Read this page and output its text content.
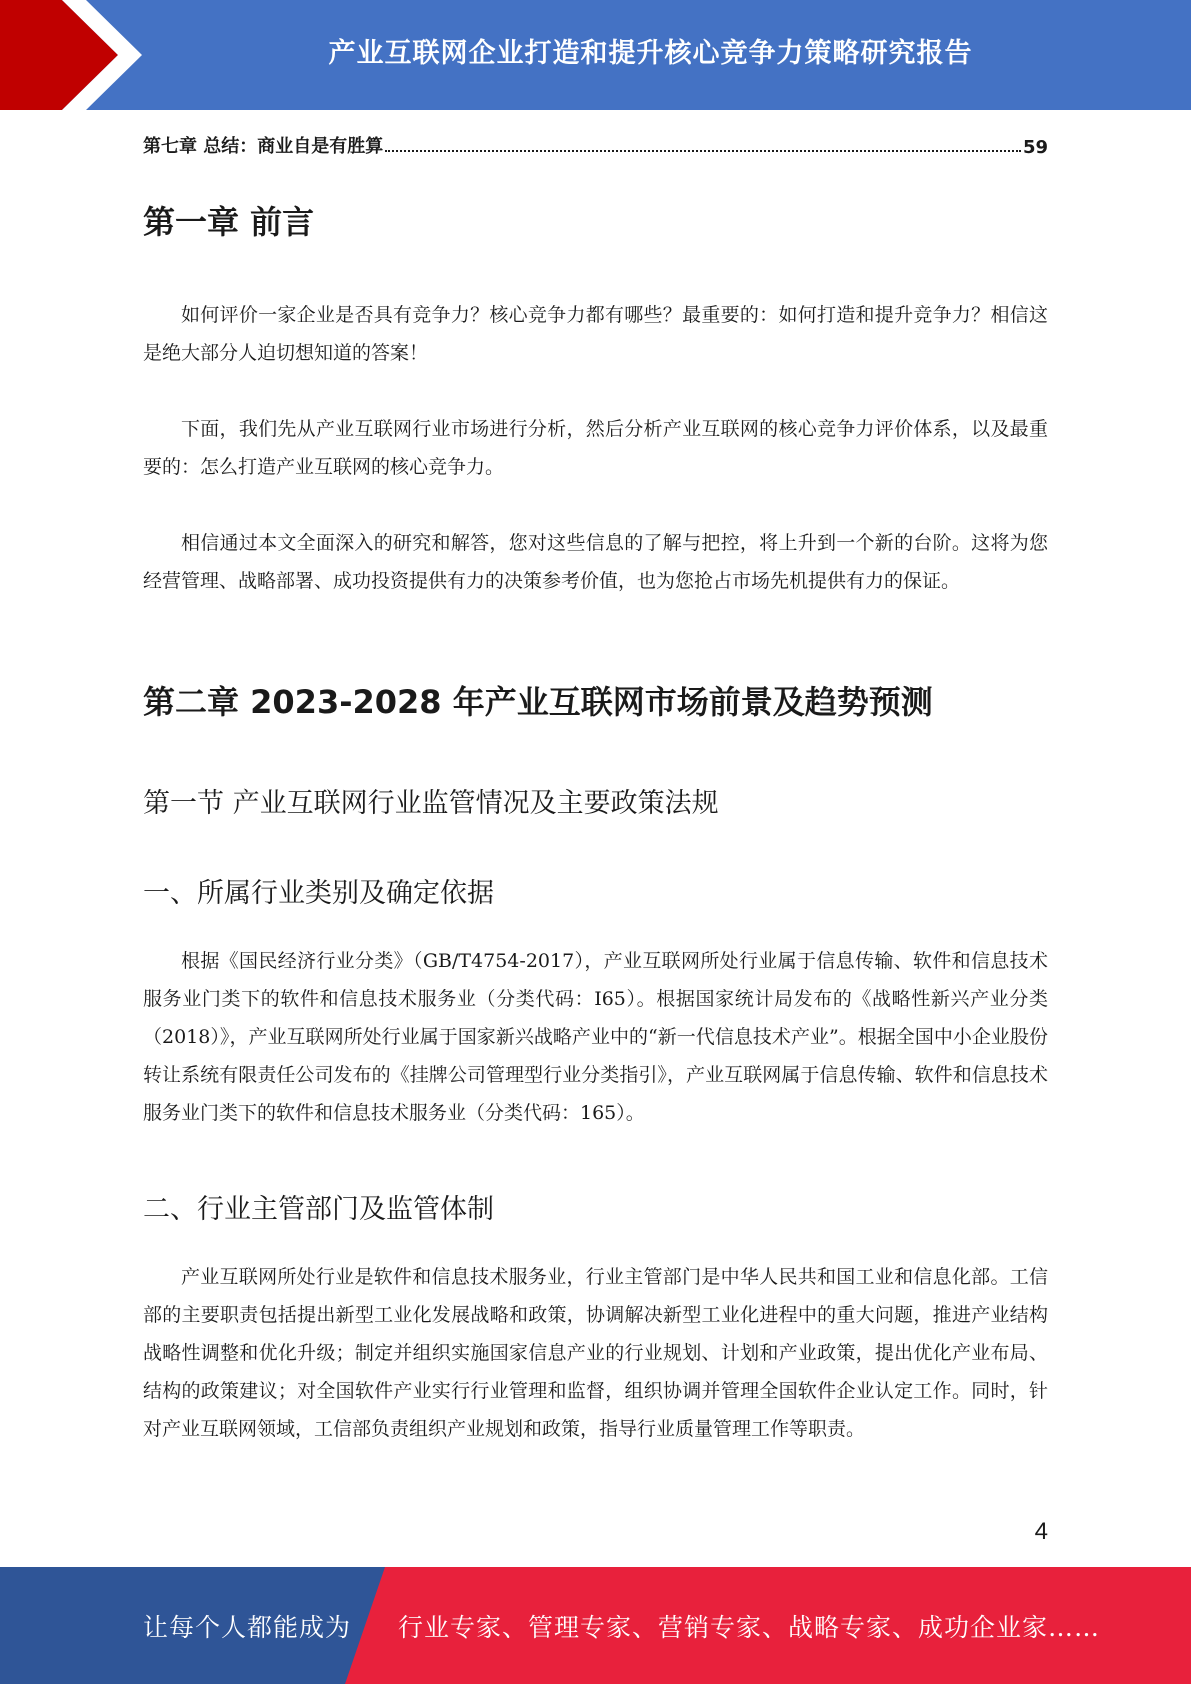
产业互联网企业打造和提升核心竞争力策略研究报告
第七章 总结：商业自是有胜算	59
第一章 前言

如何评价一家企业是否具有竞争力？核心竞争力都有哪些？最重要的：如何打造和提升竞争力？相信这是绝大部分人迫切想知道的答案！

下面，我们先从产业互联网行业市场进行分析，然后分析产业互联网的核心竞争力评价体系，以及最重要的：怎么打造产业互联网的核心竞争力。

相信通过本文全面深入的研究和解答，您对这些信息的了解与把控，将上升到一个新的台阶。这将为您经营管理、战略部署、成功投资提供有力的决策参考价值，也为您抢占市场先机提供有力的保证。

第二章 2023-2028 年产业互联网市场前景及趋势预测
第一节 产业互联网行业监管情况及主要政策法规
一、所属行业类别及确定依据

根据《国民经济行业分类》（GB/T4754-2017），产业互联网所处行业属于信息传输、软件和信息技术服务业门类下的软件和信息技术服务业（分类代码：I65）。根据国家统计局发布的《战略性新兴产业分类（2018）》，产业互联网所处行业属于国家新兴战略产业中的“新一代信息技术产业”。根据全国中小企业股份转让系统有限责任公司发布的《挂牌公司管理型行业分类指引》，产业互联网属于信息传输、软件和信息技术服务业门类下的软件和信息技术服务业（分类代码：165）。

二、行业主管部门及监管体制

产业互联网所处行业是软件和信息技术服务业，行业主管部门是中华人民共和国工业和信息化部。工信部的主要职责包括提出新型工业化发展战略和政策，协调解决新型工业化进程中的重大问题，推进产业结构战略性调整和优化升级；制定并组织实施国家信息产业的行业规划、计划和产业政策，提出优化产业布局、结构的政策建议；对全国软件产业实行行业管理和监督，组织协调并管理全国软件企业认定工作。同时，针对产业互联网领域，工信部负责组织产业规划和政策，指导行业质量管理工作等职责。

4
让每个人都能成为 行业专家、管理专家、营销专家、战略专家、成功企业家……
